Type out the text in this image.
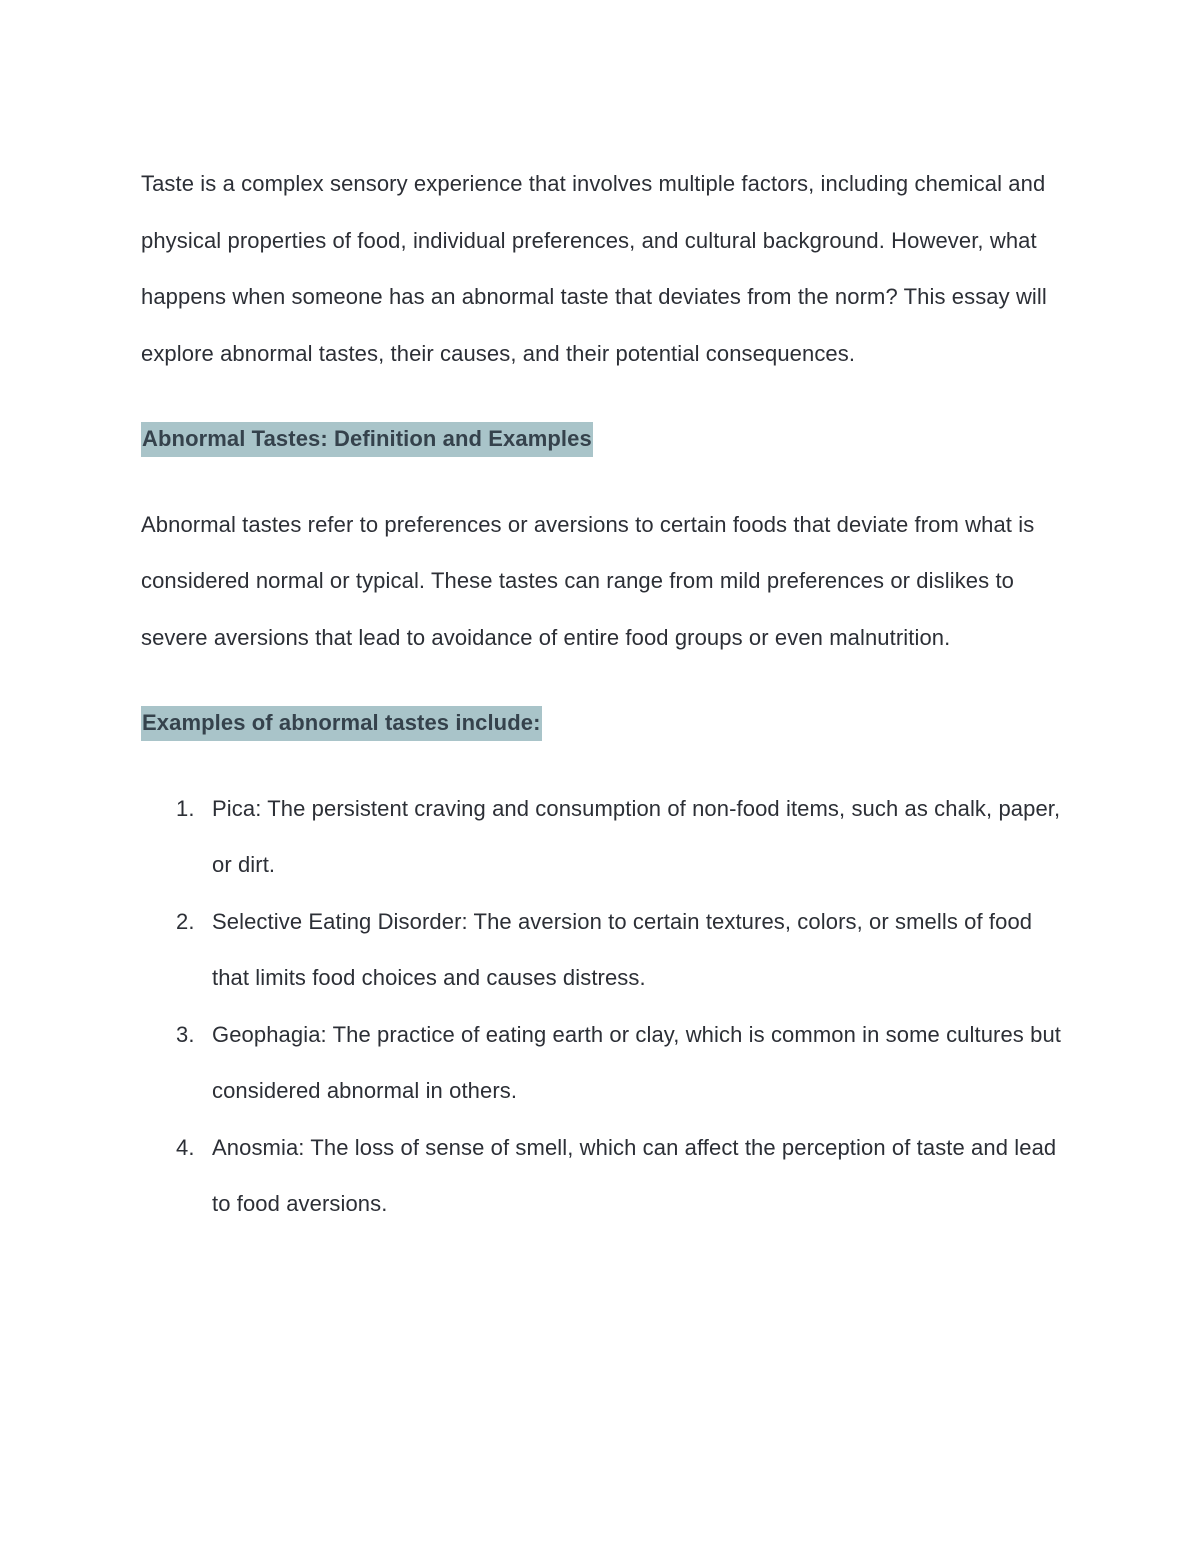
Taste is a complex sensory experience that involves multiple factors, including chemical and physical properties of food, individual preferences, and cultural background. However, what happens when someone has an abnormal taste that deviates from the norm? This essay will explore abnormal tastes, their causes, and their potential consequences.

Abnormal Tastes: Definition and Examples

Abnormal tastes refer to preferences or aversions to certain foods that deviate from what is considered normal or typical. These tastes can range from mild preferences or dislikes to severe aversions that lead to avoidance of entire food groups or even malnutrition.

Examples of abnormal tastes include:

1. Pica: The persistent craving and consumption of non-food items, such as chalk, paper, or dirt.
2. Selective Eating Disorder: The aversion to certain textures, colors, or smells of food that limits food choices and causes distress.
3. Geophagia: The practice of eating earth or clay, which is common in some cultures but considered abnormal in others.
4. Anosmia: The loss of sense of smell, which can affect the perception of taste and lead to food aversions.
